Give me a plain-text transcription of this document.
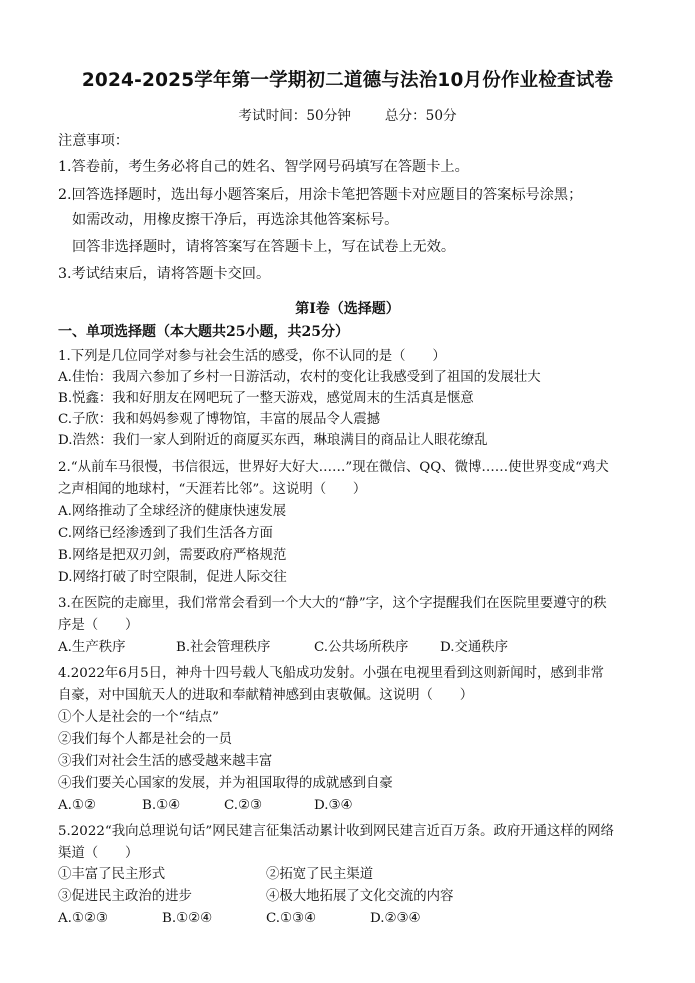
2024-2025学年第一学期初二道德与法治10月份作业检查试卷
考试时间：50分钟	总分：50分
注意事项：
1.答卷前，考生务必将自己的姓名、智学网号码填写在答题卡上。
2.回答选择题时，选出每小题答案后，用涂卡笔把答题卡对应题目的答案标号涂黑；
如需改动，用橡皮擦干净后，再选涂其他答案标号。
回答非选择题时，请将答案写在答题卡上，写在试卷上无效。
3.考试结束后，请将答题卡交回。
第Ⅰ卷（选择题）
一、单项选择题（本大题共25小题，共25分）
1.下列是几位同学对参与社会生活的感受，你不认同的是（　　）
A.佳怡：我周六参加了乡村一日游活动，农村的变化让我感受到了祖国的发展壮大
B.悦鑫：我和好朋友在网吧玩了一整天游戏，感觉周末的生活真是惬意
C.子欣：我和妈妈参观了博物馆，丰富的展品令人震撼
D.浩然：我们一家人到附近的商厦买东西，琳琅满目的商品让人眼花缭乱
2.“从前车马很慢，书信很远，世界好大好大……”现在微信、QQ、微博……使世界变成“鸡犬
之声相闻的地球村，“天涯若比邻”。这说明（　　）
A.网络推动了全球经济的健康快速发展
C.网络已经渗透到了我们生活各方面
B.网络是把双刃剑，需要政府严格规范
D.网络打破了时空限制，促进人际交往
3.在医院的走廊里，我们常常会看到一个大大的“静”字，这个字提醒我们在医院里要遵守的秩
序是（　　）
A.生产秩序	B.社会管理秩序	C.公共场所秩序 D.交通秩序
4.2022年6月5日，神舟十四号载人飞船成功发射。小强在电视里看到这则新闻时，感到非常
自豪，对中国航天人的进取和奉献精神感到由衷敬佩。这说明（　　）
①个人是社会的一个“结点”
②我们每个人都是社会的一员
③我们对社会生活的感受越来越丰富
④我们要关心国家的发展，并为祖国取得的成就感到自豪
A.①②	B.①④	C.②③	D.③④
5.2022“我向总理说句话”网民建言征集活动累计收到网民建言近百万条。政府开通这样的网络
渠道（　　）
①丰富了民主形式	②拓宽了民主渠道
③促进民主政治的进步	④极大地拓展了文化交流的内容
A.①②③	B.①②④	C.①③④	D.②③④
